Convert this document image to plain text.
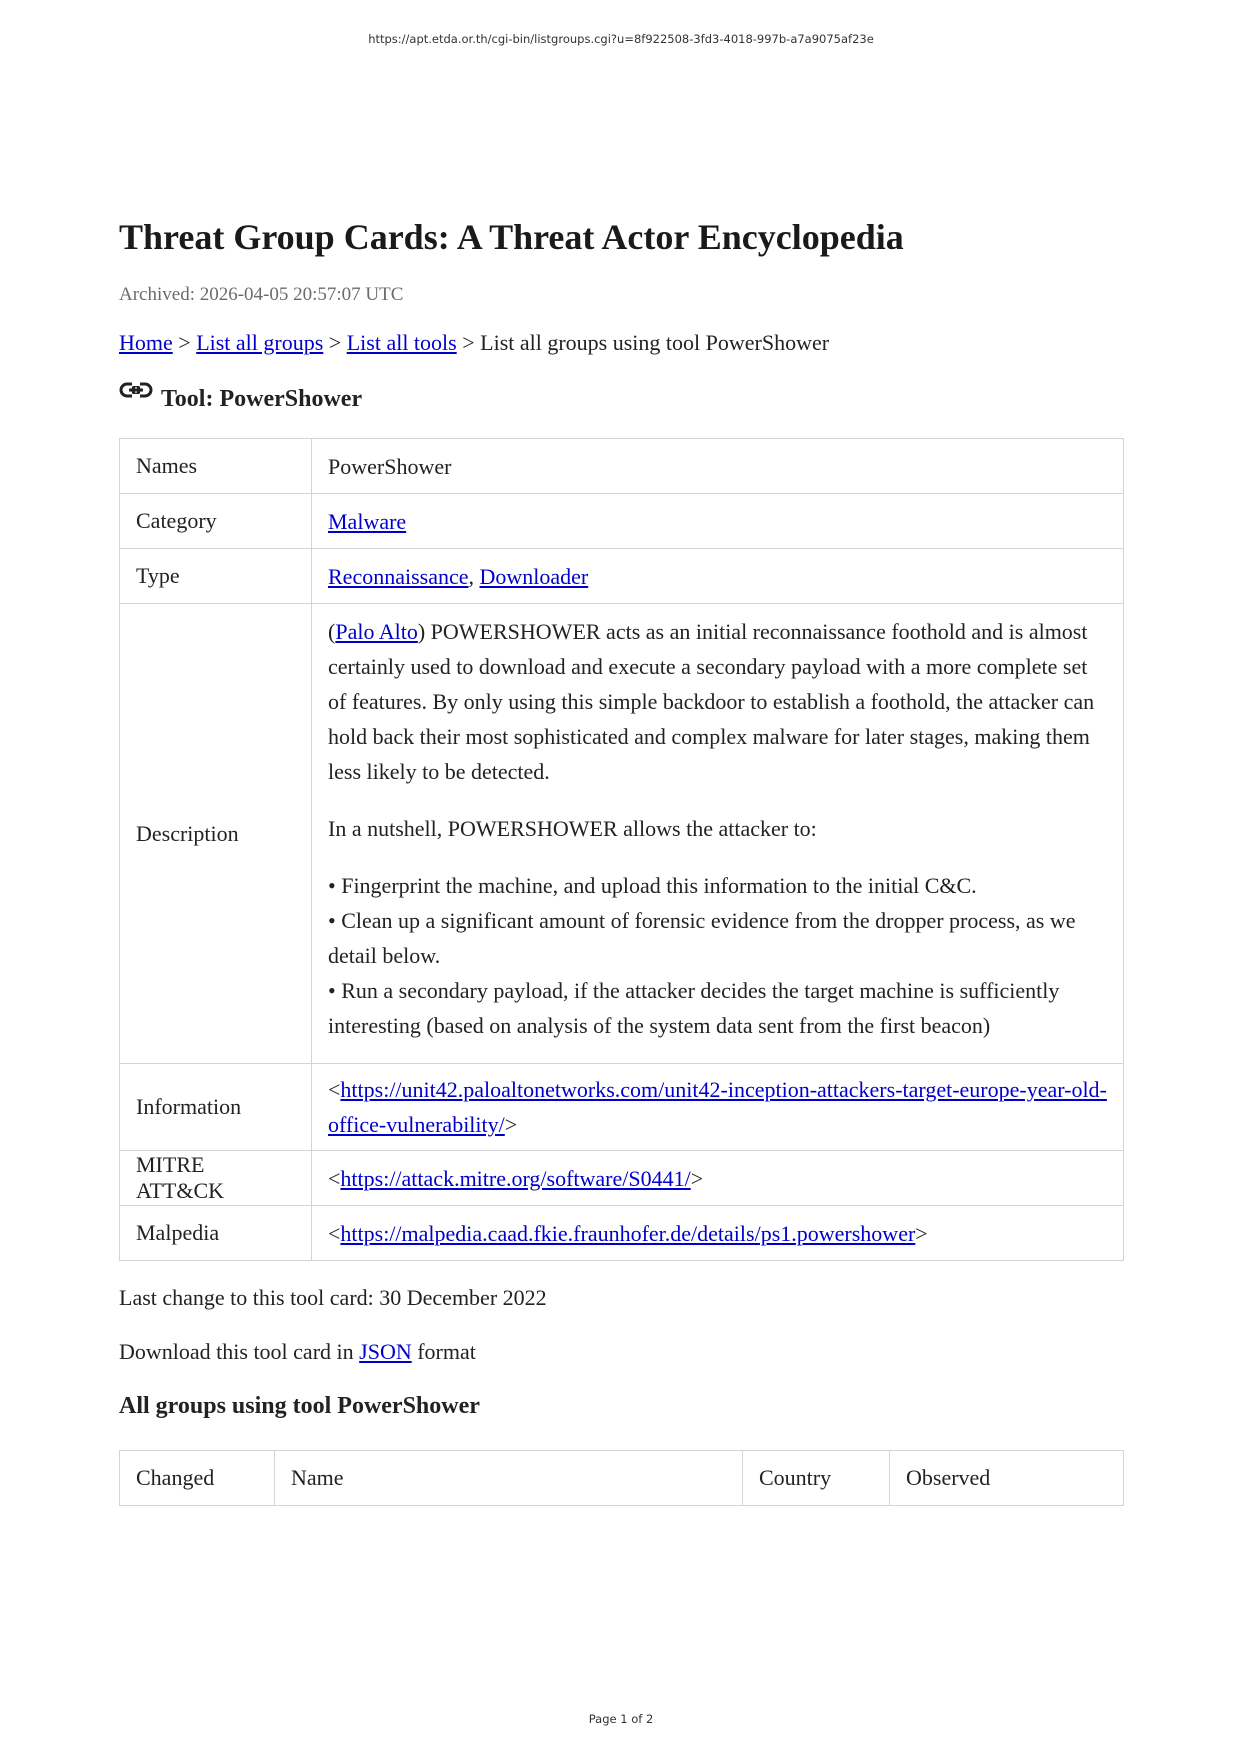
https://apt.etda.or.th/cgi-bin/listgroups.cgi?u=8f922508-3fd3-4018-997b-a7a9075af23e
Threat Group Cards: A Threat Actor Encyclopedia
Archived: 2026-04-05 20:57:07 UTC
Home > List all groups > List all tools > List all groups using tool PowerShower
Tool: PowerShower
Names	PowerShower
Category	Malware
Type	Reconnaissance, Downloader
Description	(Palo Alto) POWERSHOWER acts as an initial reconnaissance foothold and is almost certainly used to download and execute a secondary payload with a more complete set of features. By only using this simple backdoor to establish a foothold, the attacker can hold back their most sophisticated and complex malware for later stages, making them less likely to be detected.

In a nutshell, POWERSHOWER allows the attacker to:

• Fingerprint the machine, and upload this information to the initial C&C.
• Clean up a significant amount of forensic evidence from the dropper process, as we detail below.
• Run a secondary payload, if the attacker decides the target machine is sufficiently interesting (based on analysis of the system data sent from the first beacon)

Information	<https://unit42.paloaltonetworks.com/unit42-inception-attackers-target-europe-year-old-office-vulnerability/>
MITRE ATT&CK	<https://attack.mitre.org/software/S0441/>
Malpedia	<https://malpedia.caad.fkie.fraunhofer.de/details/ps1.powershower>
Last change to this tool card: 30 December 2022
Download this tool card in JSON format
All groups using tool PowerShower
Changed	Name	Country	Observed
Page 1 of 2
